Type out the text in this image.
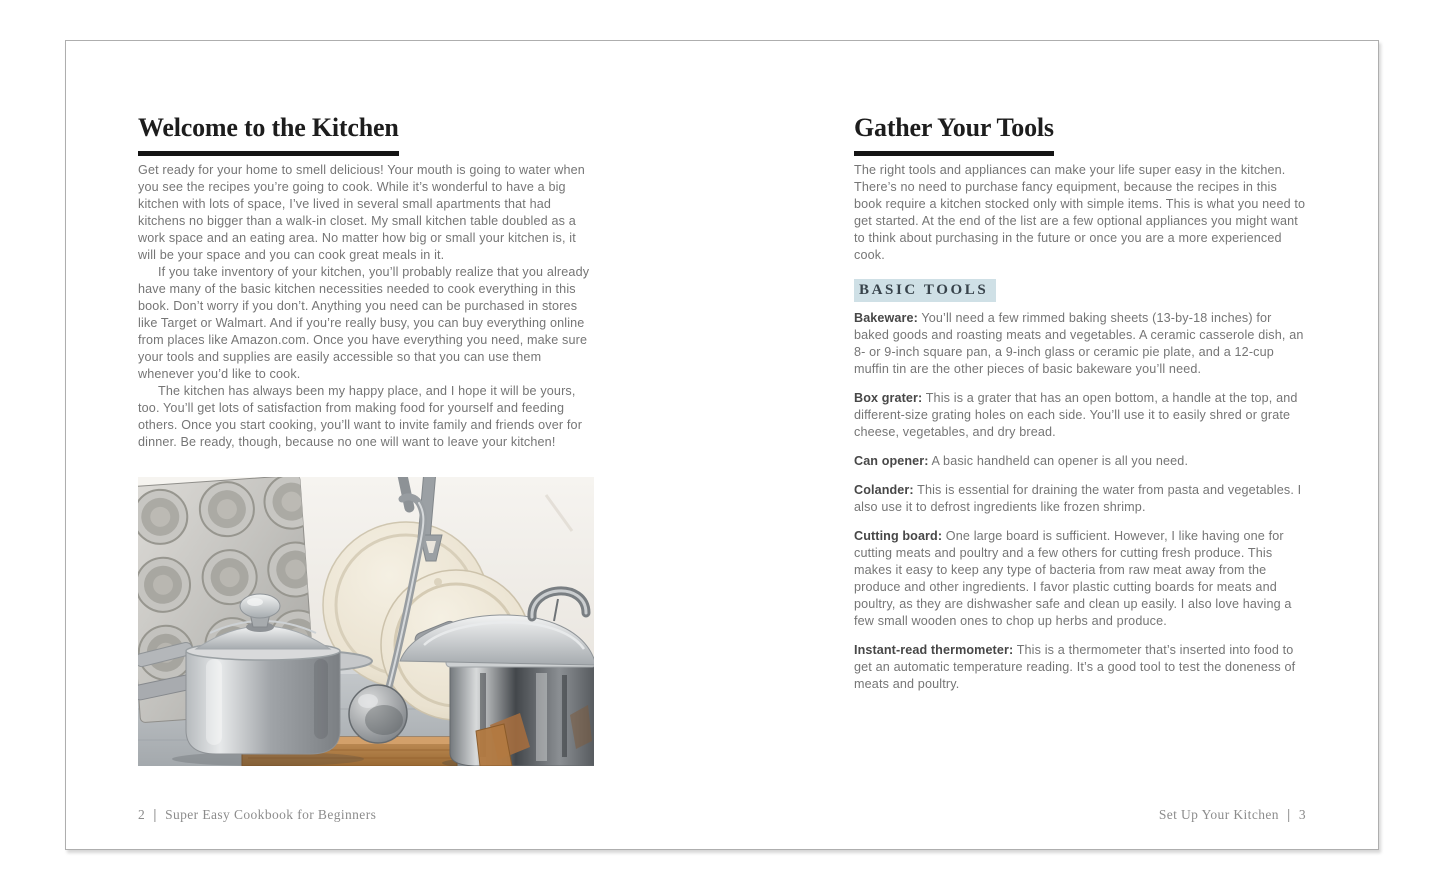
Welcome to the Kitchen

Get ready for your home to smell delicious! Your mouth is going to water when you see the recipes you’re going to cook. While it’s wonderful to have a big kitchen with lots of space, I’ve lived in several small apartments that had kitchens no bigger than a walk-in closet. My small kitchen table doubled as a work space and an eating area. No matter how big or small your kitchen is, it will be your space and you can cook great meals in it.

If you take inventory of your kitchen, you’ll probably realize that you already have many of the basic kitchen necessities needed to cook everything in this book. Don’t worry if you don’t. Anything you need can be purchased in stores like Target or Walmart. And if you’re really busy, you can buy everything online from places like Amazon.com. Once you have everything you need, make sure your tools and supplies are easily accessible so that you can use them whenever you’d like to cook.

The kitchen has always been my happy place, and I hope it will be yours, too. You’ll get lots of satisfaction from making food for yourself and feeding others. Once you start cooking, you’ll want to invite family and friends over for dinner. Be ready, though, because no one will want to leave your kitchen!

Gather Your Tools

The right tools and appliances can make your life super easy in the kitchen. There’s no need to purchase fancy equipment, because the recipes in this book require a kitchen stocked only with simple items. This is what you need to get started. At the end of the list are a few optional appliances you might want to think about purchasing in the future or once you are a more experienced cook.

BASIC TOOLS

Bakeware: You’ll need a few rimmed baking sheets (13-by-18 inches) for baked goods and roasting meats and vegetables. A ceramic casserole dish, an 8- or 9-inch square pan, a 9-inch glass or ceramic pie plate, and a 12-cup muffin tin are the other pieces of basic bakeware you’ll need.

Box grater: This is a grater that has an open bottom, a handle at the top, and different-size grating holes on each side. You’ll use it to easily shred or grate cheese, vegetables, and dry bread.

Can opener: A basic handheld can opener is all you need.

Colander: This is essential for draining the water from pasta and vegetables. I also use it to defrost ingredients like frozen shrimp.

Cutting board: One large board is sufficient. However, I like having one for cutting meats and poultry and a few others for cutting fresh produce. This makes it easy to keep any type of bacteria from raw meat away from the produce and other ingredients. I favor plastic cutting boards for meats and poultry, as they are dishwasher safe and clean up easily. I also love having a few small wooden ones to chop up herbs and produce.

Instant-read thermometer: This is a thermometer that’s inserted into food to get an automatic temperature reading. It’s a good tool to test the doneness of meats and poultry.

2 | Super Easy Cookbook for Beginners	Set Up Your Kitchen | 3
